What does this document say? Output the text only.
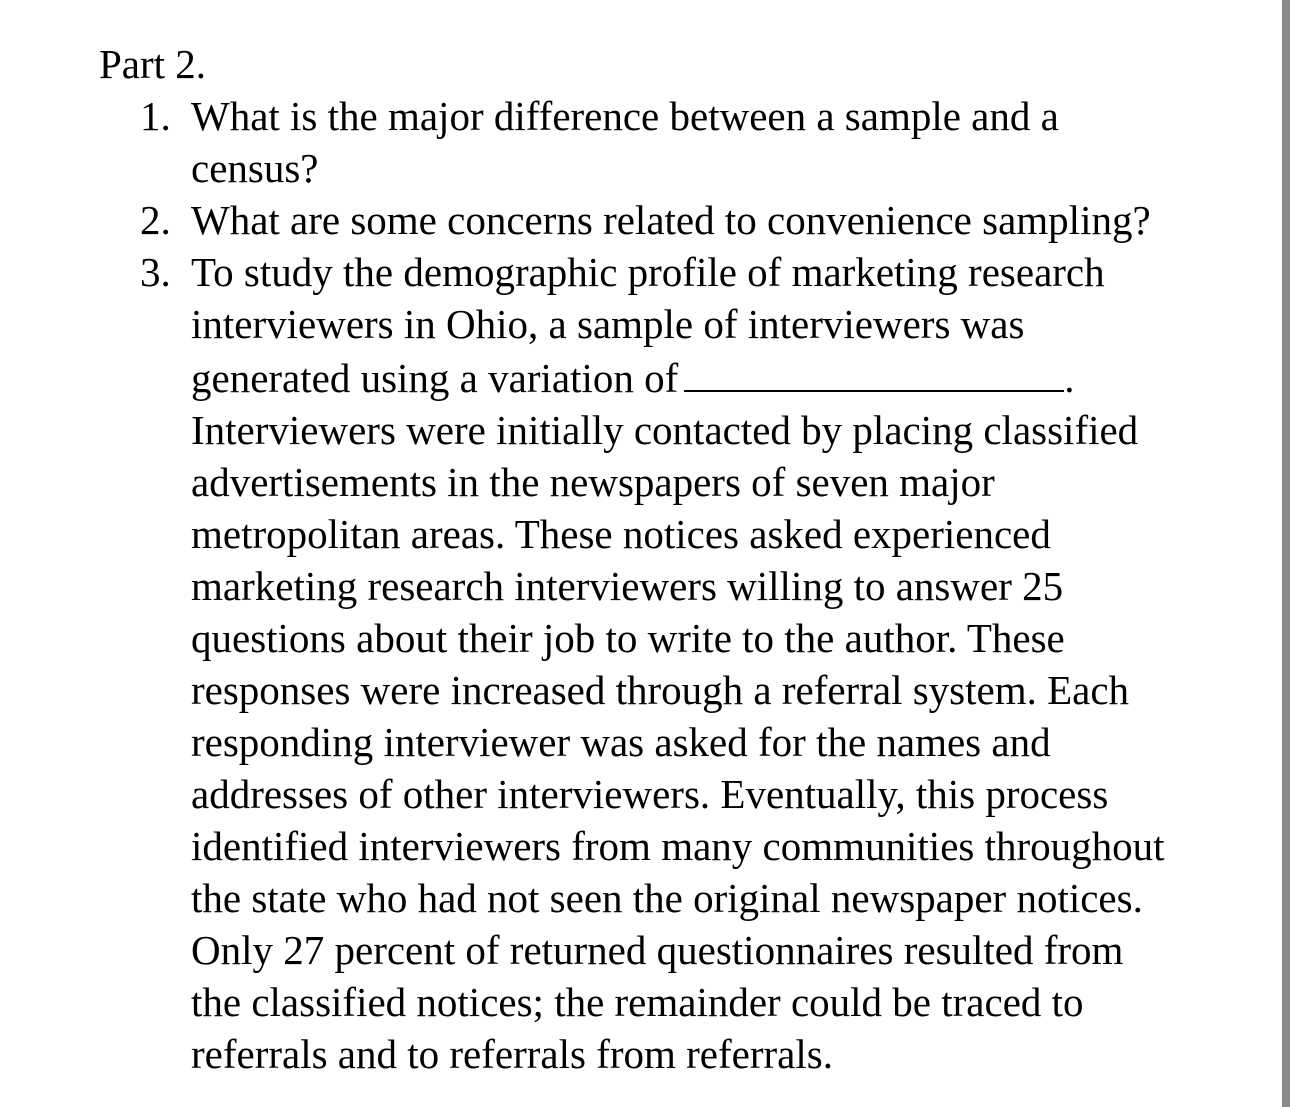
Part 2.
1. What is the major difference between a sample and a
census?
2. What are some concerns related to convenience sampling?
3. To study the demographic profile of marketing research
interviewers in Ohio, a sample of interviewers was
generated using a variation of	.
Interviewers were initially contacted by placing classified
advertisements in the newspapers of seven major
metropolitan areas. These notices asked experienced
marketing research interviewers willing to answer 25
questions about their job to write to the author. These
responses were increased through a referral system. Each
responding interviewer was asked for the names and
addresses of other interviewers. Eventually, this process
identified interviewers from many communities throughout
the state who had not seen the original newspaper notices.
Only 27 percent of returned questionnaires resulted from
the classified notices; the remainder could be traced to
referrals and to referrals from referrals.
